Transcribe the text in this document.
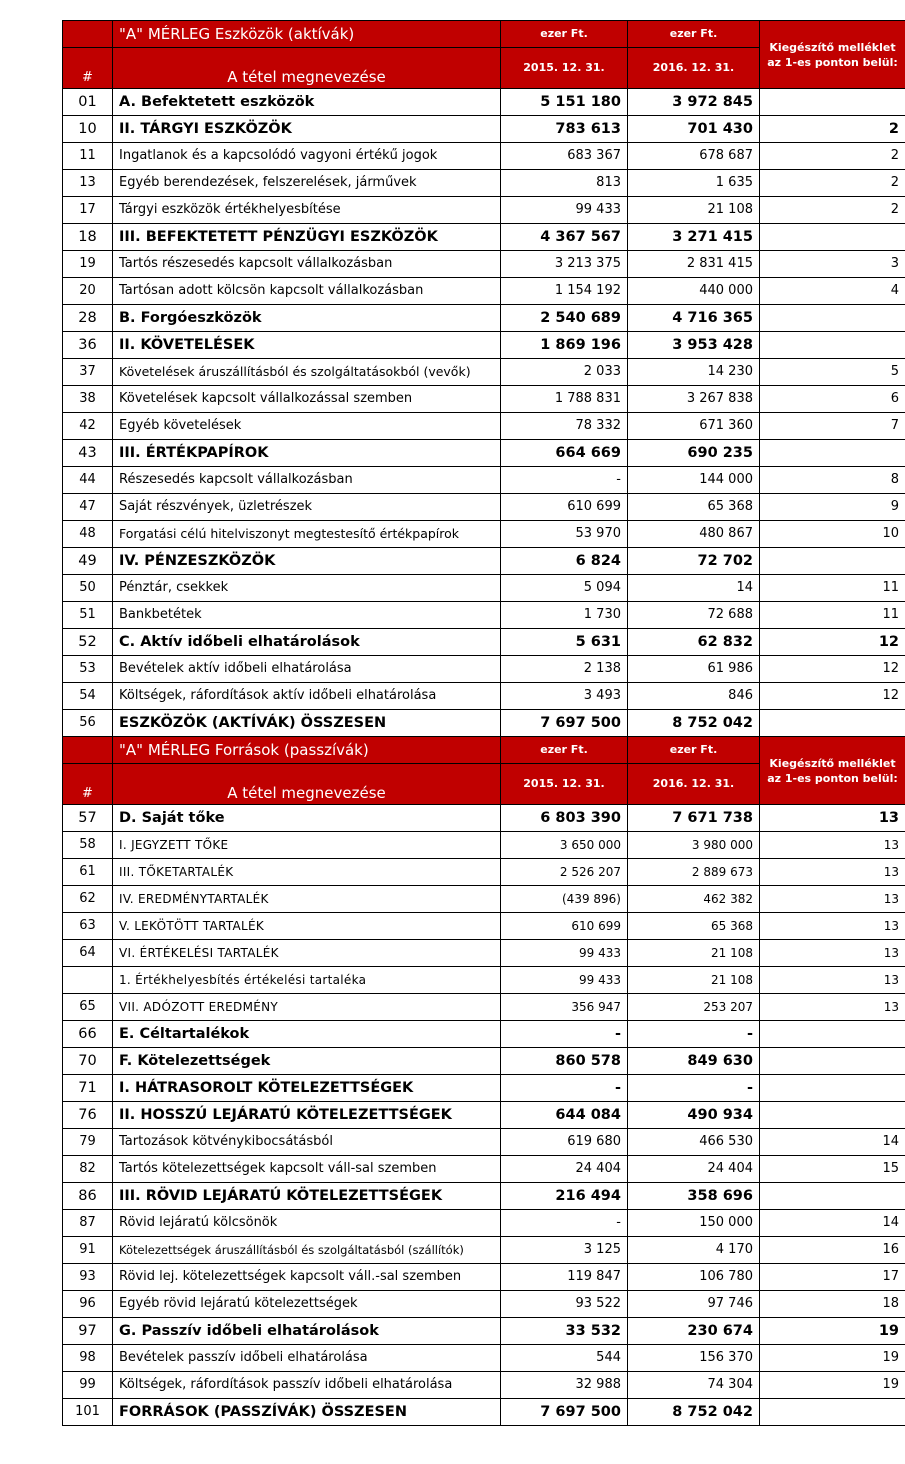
	"A" MÉRLEG Eszközök (aktívák)	ezer Ft.	ezer Ft.	Kiegészítő melléklet az 1-es ponton belül:
#	A tétel megnevezése	2015. 12. 31.	2016. 12. 31.	
01	A. Befektetett eszközök	5 151 180	3 972 845	
10	II. TÁRGYI ESZKÖZÖK	783 613	701 430	2
11	Ingatlanok és a kapcsolódó vagyoni értékű jogok	683 367	678 687	2
13	Egyéb berendezések, felszerelések, járművek	813	1 635	2
17	Tárgyi eszközök értékhelyesbítése	99 433	21 108	2
18	III. BEFEKTETETT PÉNZÜGYI ESZKÖZÖK	4 367 567	3 271 415	
19	Tartós részesedés kapcsolt vállalkozásban	3 213 375	2 831 415	3
20	Tartósan adott kölcsön kapcsolt vállalkozásban	1 154 192	440 000	4
28	B. Forgóeszközök	2 540 689	4 716 365	
36	II. KÖVETELÉSEK	1 869 196	3 953 428	
37	Követelések áruszállításból és szolgáltatásokból (vevők)	2 033	14 230	5
38	Követelések kapcsolt vállalkozással szemben	1 788 831	3 267 838	6
42	Egyéb követelések	78 332	671 360	7
43	III. ÉRTÉKPAPÍROK	664 669	690 235	
44	Részesedés kapcsolt vállalkozásban	-	144 000	8
47	Saját részvények, üzletrészek	610 699	65 368	9
48	Forgatási célú hitelviszonyt megtestesítő értékpapírok	53 970	480 867	10
49	IV. PÉNZESZKÖZÖK	6 824	72 702	
50	Pénztár, csekkek	5 094	14	11
51	Bankbetétek	1 730	72 688	11
52	C. Aktív időbeli elhatárolások	5 631	62 832	12
53	Bevételek aktív időbeli elhatárolása	2 138	61 986	12
54	Költségek, ráfordítások aktív időbeli elhatárolása	3 493	846	12
56	ESZKÖZÖK (AKTÍVÁK) ÖSSZESEN	7 697 500	8 752 042	
	"A" MÉRLEG Források (passzívák)	ezer Ft.	ezer Ft.	Kiegészítő melléklet az 1-es ponton belül:
#	A tétel megnevezése	2015. 12. 31.	2016. 12. 31.	
57	D. Saját tőke	6 803 390	7 671 738	13
58	I. JEGYZETT TŐKE	3 650 000	3 980 000	13
61	III. TŐKETARTALÉK	2 526 207	2 889 673	13
62	IV. EREDMÉNYTARTALÉK	(439 896)	462 382	13
63	V. LEKÖTÖTT TARTALÉK	610 699	65 368	13
64	VI. ÉRTÉKELÉSI TARTALÉK	99 433	21 108	13
	1. Értékhelyesbítés értékelési tartaléka	99 433	21 108	13
65	VII. ADÓZOTT EREDMÉNY	356 947	253 207	13
66	E. Céltartalékok	-	-	
70	F. Kötelezettségek	860 578	849 630	
71	I. HÁTRASOROLT KÖTELEZETTSÉGEK	-	-	
76	II. HOSSZÚ LEJÁRATÚ KÖTELEZETTSÉGEK	644 084	490 934	
79	Tartozások kötvénykibocsátásból	619 680	466 530	14
82	Tartós kötelezettségek kapcsolt váll-sal szemben	24 404	24 404	15
86	III. RÖVID LEJÁRATÚ KÖTELEZETTSÉGEK	216 494	358 696	
87	Rövid lejáratú kölcsönök	-	150 000	14
91	Kötelezettségek áruszállításból és szolgáltatásból (szállítók)	3 125	4 170	16
93	Rövid lej. kötelezettségek kapcsolt váll.-sal szemben	119 847	106 780	17
96	Egyéb rövid lejáratú kötelezettségek	93 522	97 746	18
97	G. Passzív időbeli elhatárolások	33 532	230 674	19
98	Bevételek passzív időbeli elhatárolása	544	156 370	19
99	Költségek, ráfordítások passzív időbeli elhatárolása	32 988	74 304	19
101	FORRÁSOK (PASSZÍVÁK) ÖSSZESEN	7 697 500	8 752 042	
